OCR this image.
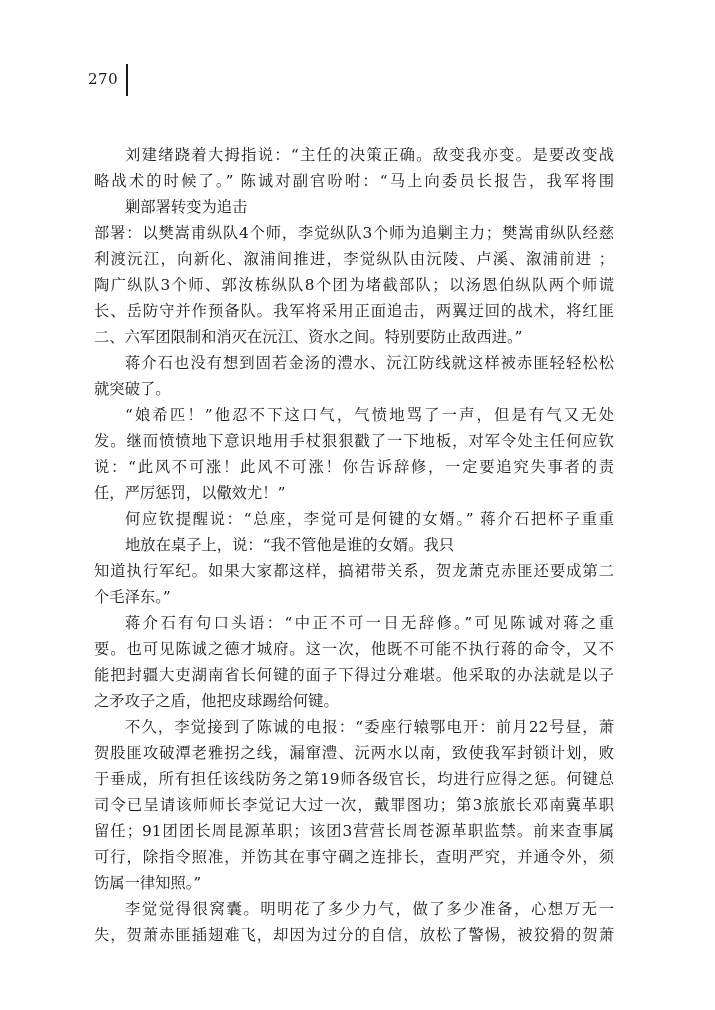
270
刘建绪跷着大拇指说：“主任的决策正确。敌变我亦变。是要改变战
略战术的时候了。” 陈诚对副官吩咐：“马上向委员长报告，我军将围
剿部署转变为追击
部署：以樊嵩甫纵队4个师，李觉纵队3个师为追剿主力；樊嵩甫纵队经慈
利渡沅江，向新化、溆浦间推进，李觉纵队由沅陵、卢溪、溆浦前进 ；
陶广纵队3个师、郭汝栋纵队8个团为堵截部队；以汤恩伯纵队两个师谎
长、岳防守并作预备队。我军将采用正面追击，两翼迂回的战术，将红匪
二、六军团限制和消灭在沅江、资水之间。特别要防止敌西进。”
蒋介石也没有想到固若金汤的澧水、沅江防线就这样被赤匪轻轻松松
就突破了。
“娘希匹！”他忍不下这口气，气愤地骂了一声，但是有气又无处
发。继而愤愤地下意识地用手杖狠狠戳了一下地板，对军令处主任何应钦
说：“此风不可涨！此风不可涨！你告诉辞修，一定要追究失事者的责
任，严厉惩罚，以儆效尤！”
何应钦提醒说：“总座，李觉可是何键的女婿。” 蒋介石把杯子重重
地放在桌子上，说：“我不管他是谁的女婿。我只
知道执行军纪。如果大家都这样，搞裙带关系，贺龙萧克赤匪还要成第二
个毛泽东。”
蒋介石有句口头语：“中正不可一日无辞修。”可见陈诚对蒋之重
要。也可见陈诚之德才城府。这一次，他既不可能不执行蒋的命令，又不
能把封疆大吏湖南省长何键的面子下得过分难堪。他采取的办法就是以子
之矛攻子之盾，他把皮球踢给何键。
不久，李觉接到了陈诚的电报：“委座行辕鄂电开：前月22号昼，萧
贺股匪攻破潭老雅拐之线，漏窜澧、沅两水以南，致使我军封锁计划，败
于垂成，所有担任该线防务之第19师各级官长，均进行应得之惩。何键总
司令已呈请该师师长李觉记大过一次，戴罪图功；第3旅旅长邓南冀革职
留任；91团团长周昆源革职；该团3营营长周苍源革职监禁。前来查事属
可行，除指令照准，并饬其在事守碉之连排长，查明严究，并通令外，须
饬属一律知照。”
李觉觉得很窝囊。明明花了多少力气，做了多少准备，心想万无一
失，贺萧赤匪插翅难飞，却因为过分的自信，放松了警惕，被狡猾的贺萧
